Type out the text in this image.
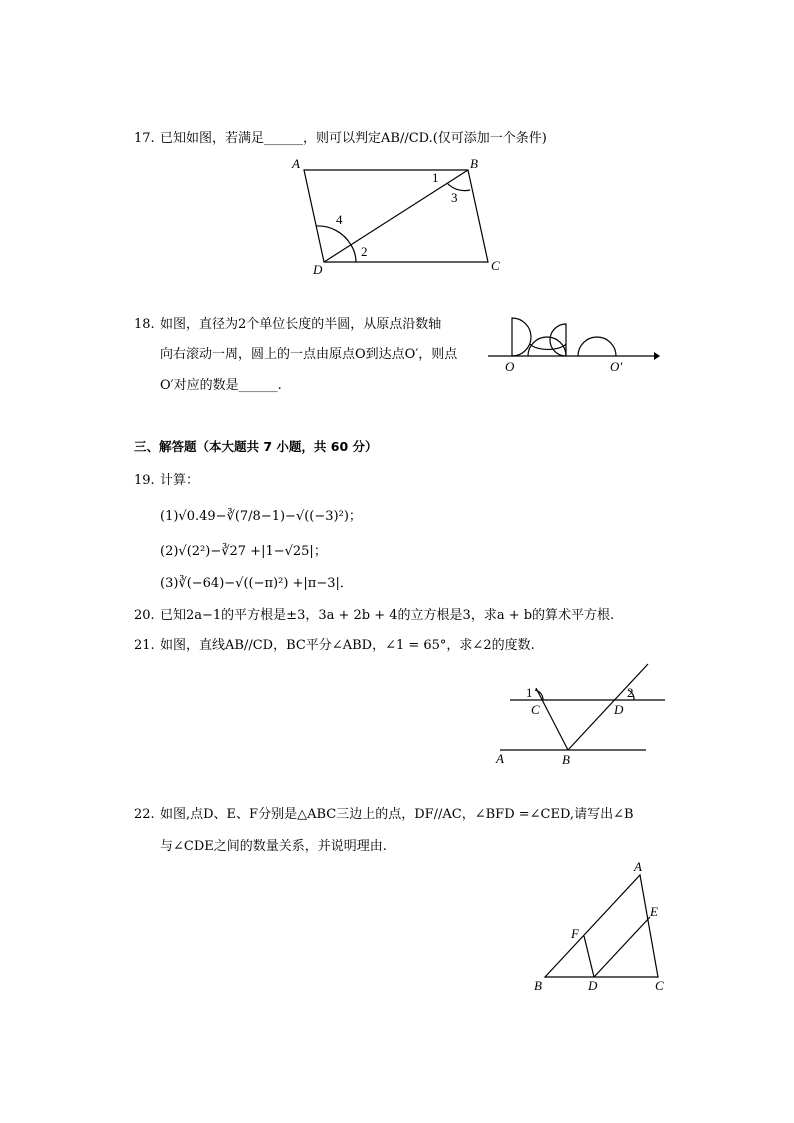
17. 已知如图，若满足______，则可以判定AB//CD.(仅可添加一个条件)
A	B
C
D
1
2
3
4
18. 如图，直径为2个单位长度的半圆，从原点沿数轴
向右滚动一周，圆上的一点由原点O到达点O′，则点
O′对应的数是______.
O	O′
三、解答题（本大题共 7 小题，共 60 分）
19. 计算：
(1)√0.49−∛(7/8−1)−√((−3)²)；
(2)√(2²)−∛27 +|1−√25|；
(3)∛(−64)−√((−π)²) +|π−3|．
20. 已知2a−1的平方根是±3，3a + 2b + 4的立方根是3，求a + b的算术平方根.
21. 如图，直线AB//CD，BC平分∠ABD，∠1 = 65°，求∠2的度数.
1	2
C	D
A	B
22. 如图,点D、E、F分别是△ABC三边上的点，DF//AC，∠BFD =∠CED,请写出∠B
与∠CDE之间的数量关系，并说明理由.
A
B	C
D
E
F
